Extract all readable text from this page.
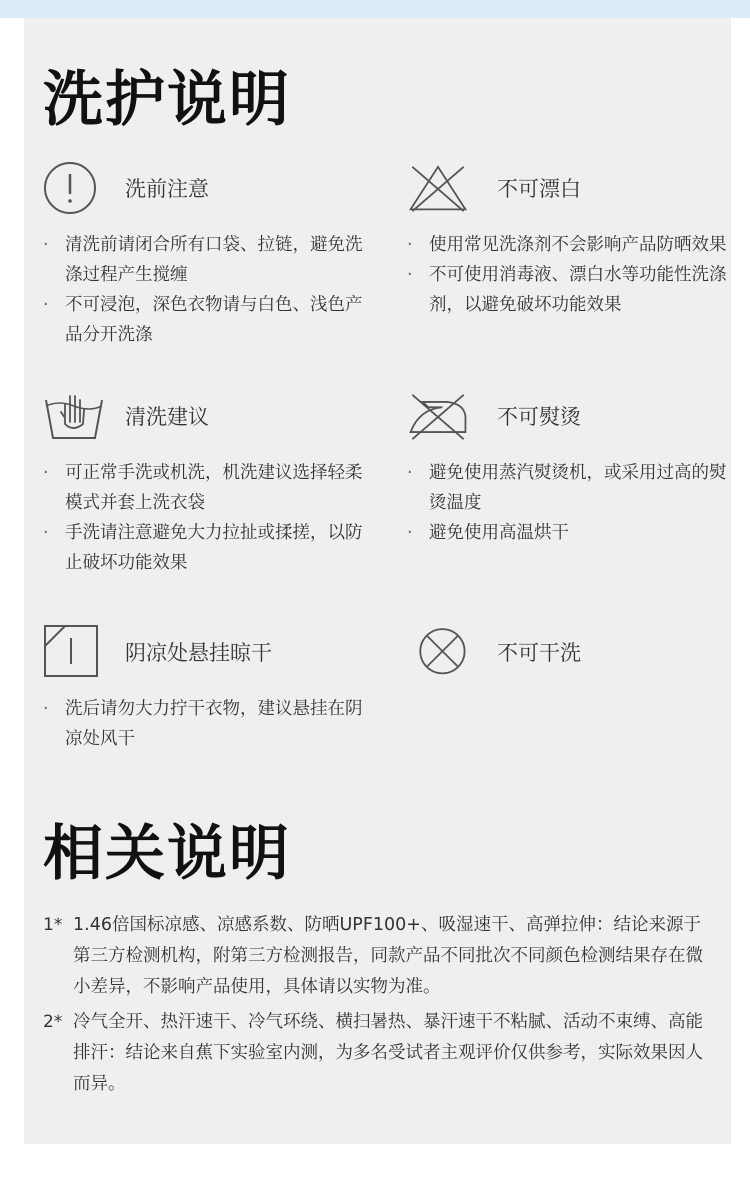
洗护说明
洗前注意
· 清洗前请闭合所有口袋、拉链，避免洗涤过程产生搅缠
· 不可浸泡，深色衣物请与白色、浅色产品分开洗涤
不可漂白
· 使用常见洗涤剂不会影响产品防晒效果
· 不可使用消毒液、漂白水等功能性洗涤剂，以避免破坏功能效果
清洗建议
· 可正常手洗或机洗，机洗建议选择轻柔模式并套上洗衣袋
· 手洗请注意避免大力拉扯或揉搓，以防止破坏功能效果
不可熨烫
· 避免使用蒸汽熨烫机，或采用过高的熨烫温度
· 避免使用高温烘干
阴凉处悬挂晾干
· 洗后请勿大力拧干衣物，建议悬挂在阴凉处风干
不可干洗
相关说明
1* 1.46倍国标凉感、凉感系数、防晒UPF100+、吸湿速干、高弹拉伸：结论来源于第三方检测机构，附第三方检测报告，同款产品不同批次不同颜色检测结果存在微小差异，不影响产品使用，具体请以实物为准。
2* 冷气全开、热汗速干、冷气环绕、横扫暑热、暴汗速干不粘腻、活动不束缚、高能排汗：结论来自蕉下实验室内测，为多名受试者主观评价仅供参考，实际效果因人而异。
